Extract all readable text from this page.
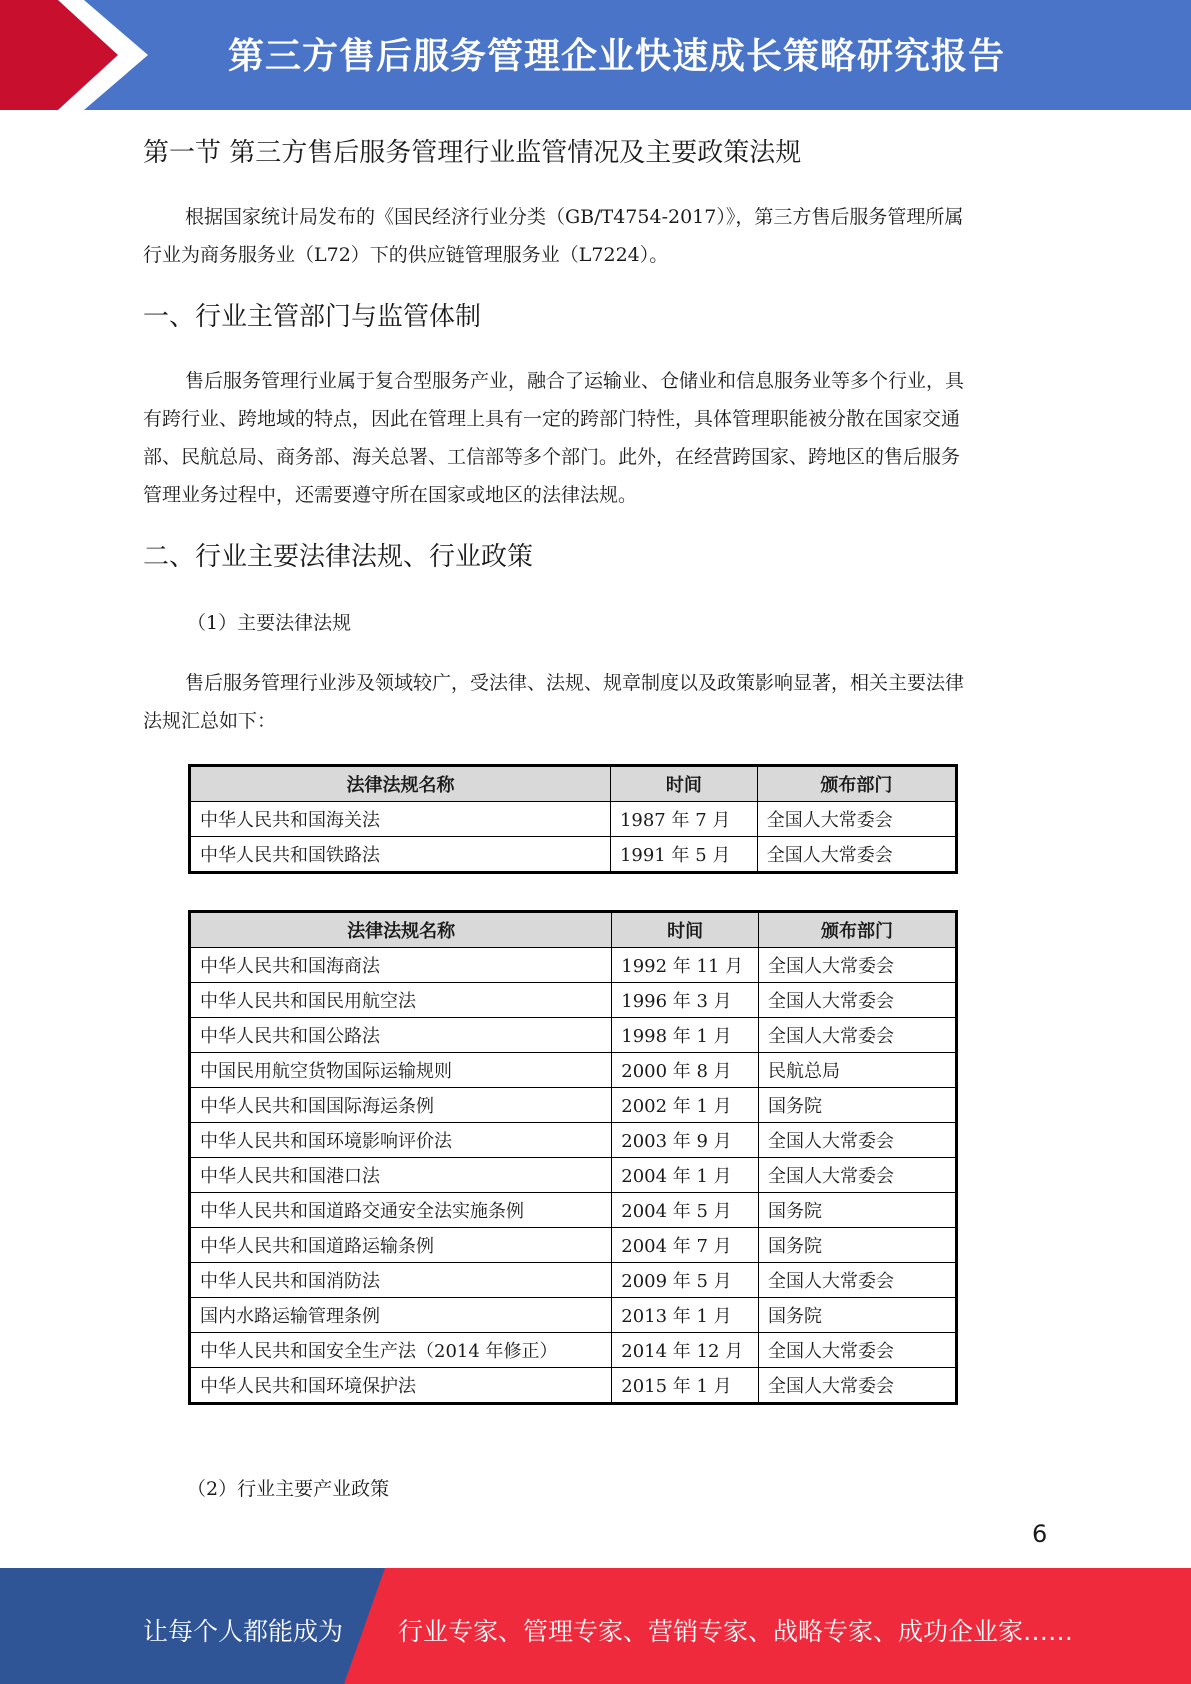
第三方售后服务管理企业快速成长策略研究报告
第一节 第三方售后服务管理行业监管情况及主要政策法规
根据国家统计局发布的《国民经济行业分类（GB/T4754-2017）》，第三方售后服务管理所属
行业为商务服务业（L72）下的供应链管理服务业（L7224）。
一、行业主管部门与监管体制
售后服务管理行业属于复合型服务产业，融合了运输业、仓储业和信息服务业等多个行业，具
有跨行业、跨地域的特点，因此在管理上具有一定的跨部门特性，具体管理职能被分散在国家交通
部、民航总局、商务部、海关总署、工信部等多个部门。此外，在经营跨国家、跨地区的售后服务
管理业务过程中，还需要遵守所在国家或地区的法律法规。
二、行业主要法律法规、行业政策
（1）主要法律法规
售后服务管理行业涉及领域较广，受法律、法规、规章制度以及政策影响显著，相关主要法律
法规汇总如下：
法律法规名称	时间	颁布部门
中华人民共和国海关法	1987 年 7 月	全国人大常委会
中华人民共和国铁路法	1991 年 5 月	全国人大常委会
法律法规名称	时间	颁布部门
中华人民共和国海商法	1992 年 11 月	全国人大常委会
中华人民共和国民用航空法	1996 年 3 月	全国人大常委会
中华人民共和国公路法	1998 年 1 月	全国人大常委会
中国民用航空货物国际运输规则	2000 年 8 月	民航总局
中华人民共和国国际海运条例	2002 年 1 月	国务院
中华人民共和国环境影响评价法	2003 年 9 月	全国人大常委会
中华人民共和国港口法	2004 年 1 月	全国人大常委会
中华人民共和国道路交通安全法实施条例	2004 年 5 月	国务院
中华人民共和国道路运输条例	2004 年 7 月	国务院
中华人民共和国消防法	2009 年 5 月	全国人大常委会
国内水路运输管理条例	2013 年 1 月	国务院
中华人民共和国安全生产法（2014 年修正）	2014 年 12 月	全国人大常委会
中华人民共和国环境保护法	2015 年 1 月	全国人大常委会
（2）行业主要产业政策
6
让每个人都能成为 行业专家、管理专家、营销专家、战略专家、成功企业家……
